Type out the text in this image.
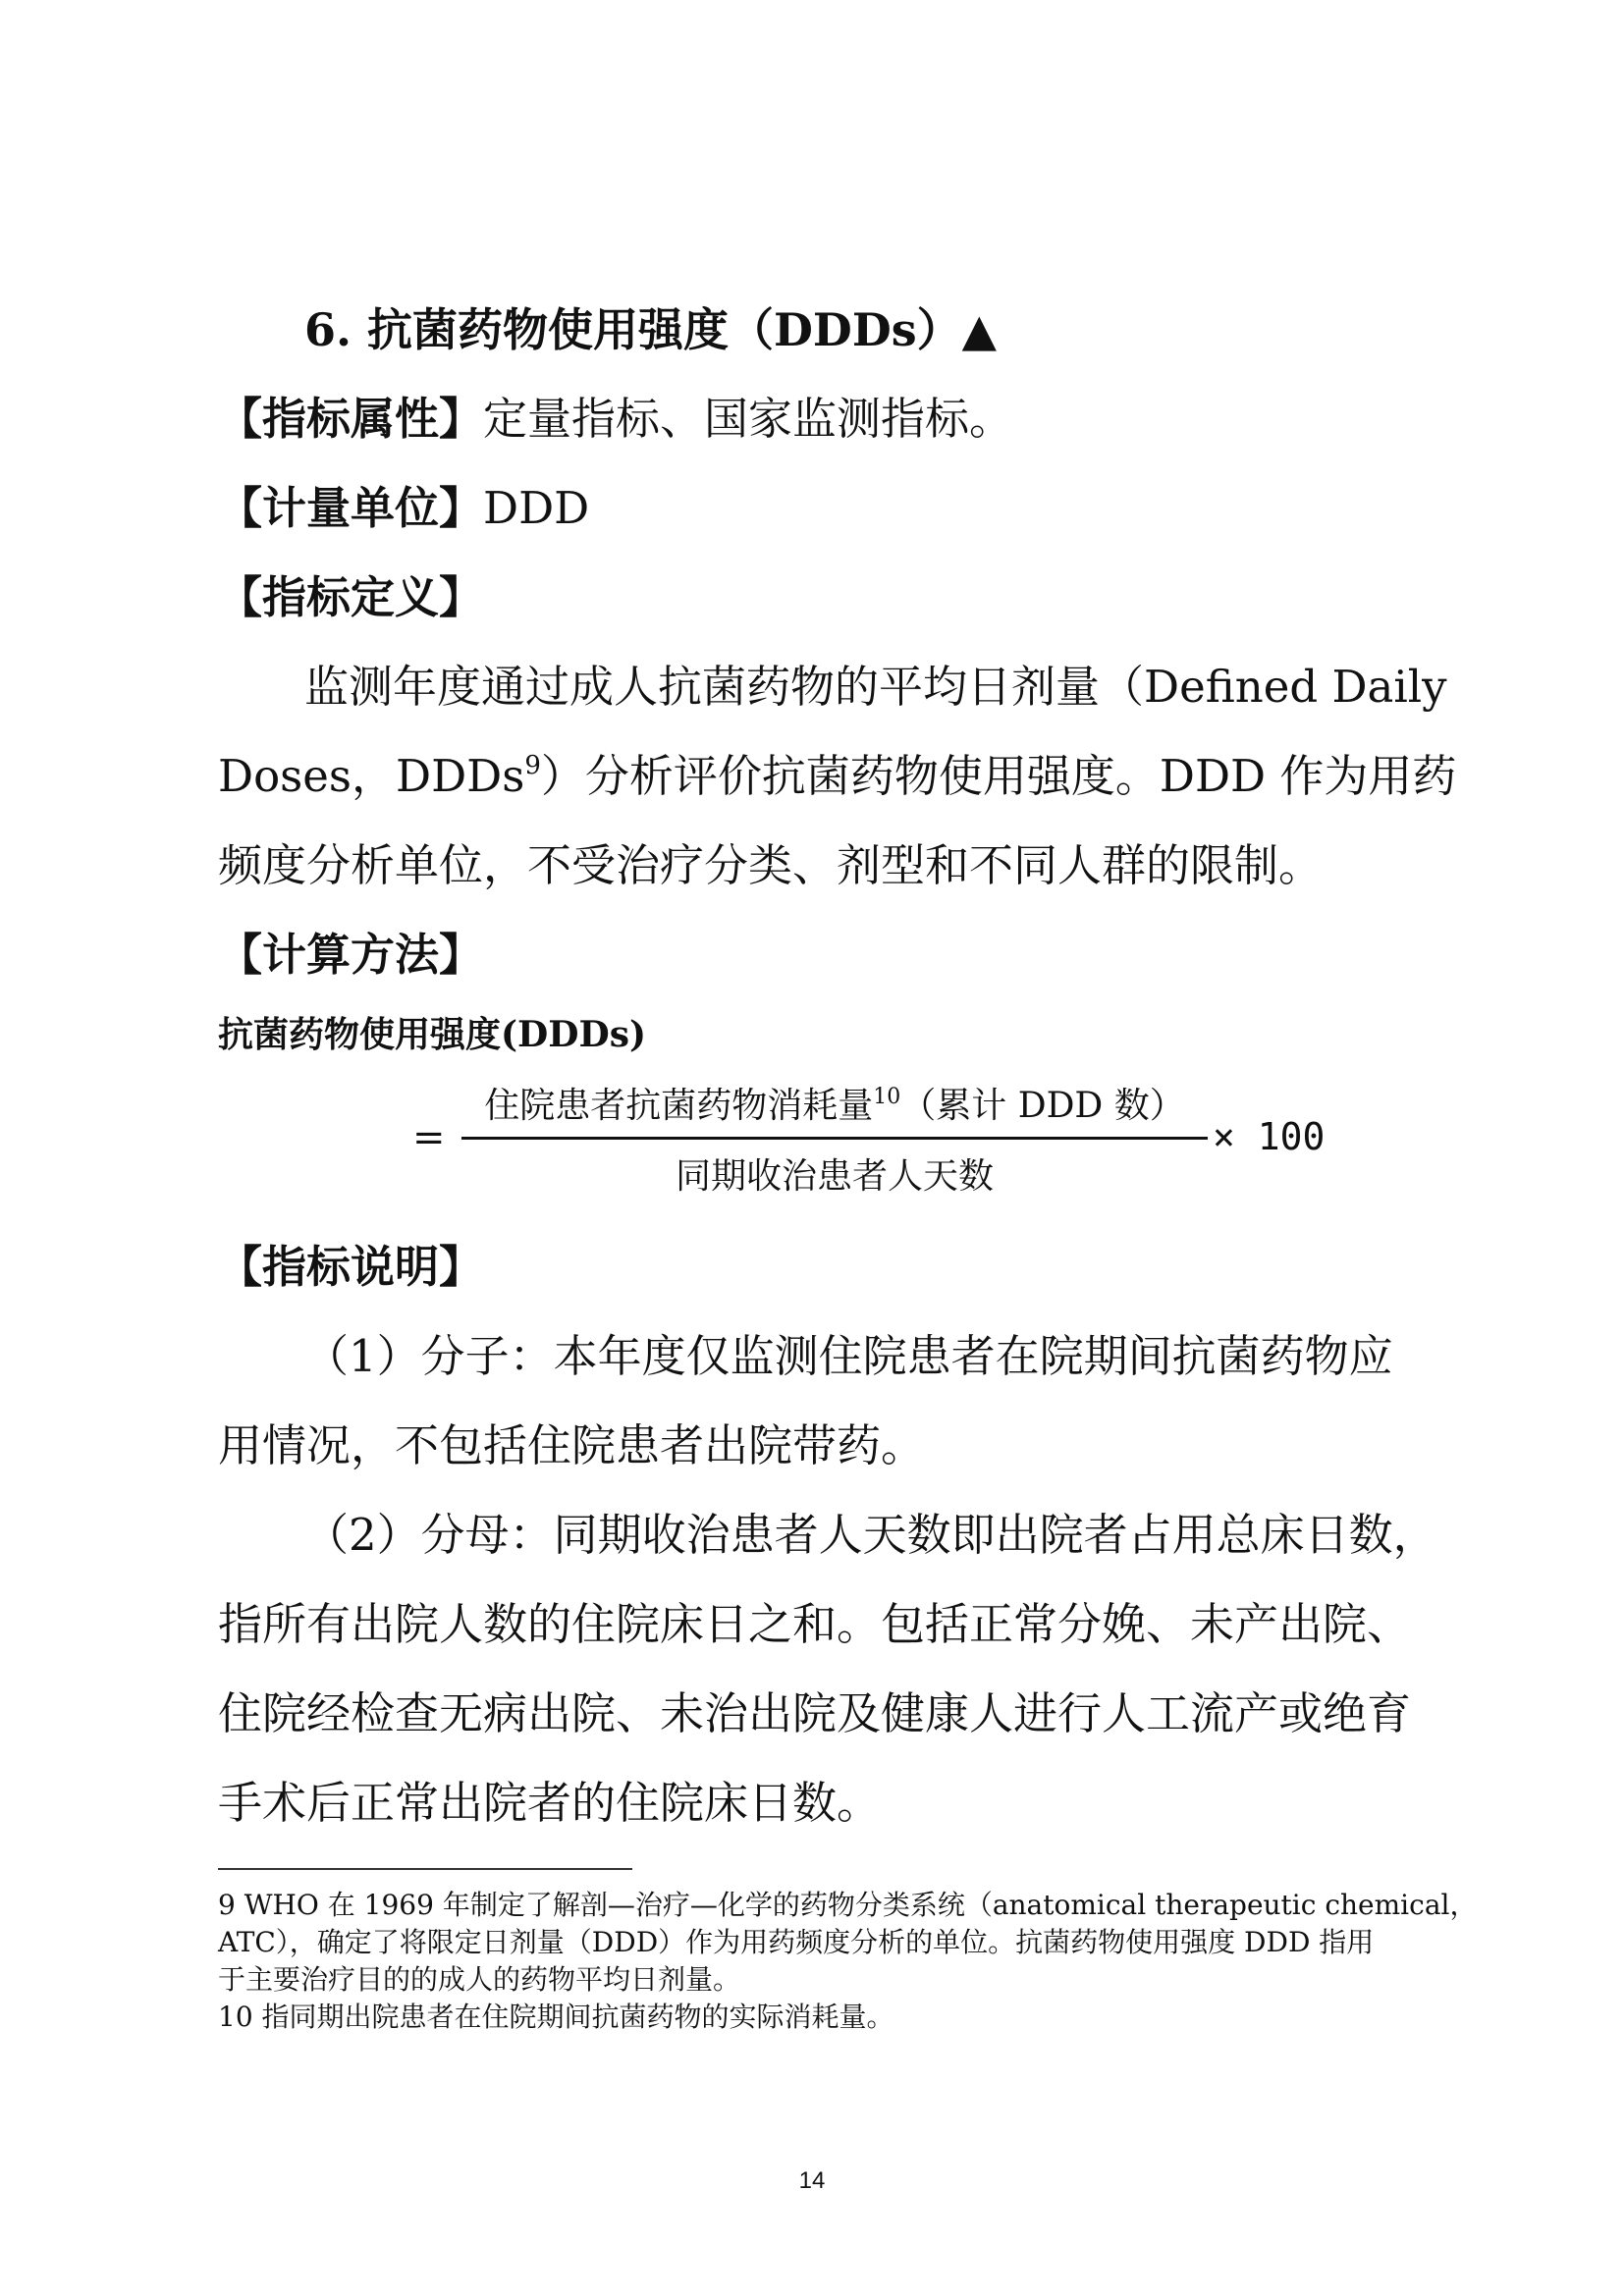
6. 抗菌药物使用强度（DDDs）▲
【指标属性】定量指标、国家监测指标。
【计量单位】DDD
【指标定义】
监测年度通过成人抗菌药物的平均日剂量（Defined Daily
Doses，DDDs$^9$）分析评价抗菌药物使用强度。DDD 作为用药
频度分析单位，不受治疗分类、剂型和不同人群的限制。
【计算方法】
抗菌药物使用强度(DDDs)
=
住院患者抗菌药物消耗量$^{10}$（累计 DDD 数）
同期收治患者人天数
× 100
【指标说明】
（1）分子：本年度仅监测住院患者在院期间抗菌药物应
用情况，不包括住院患者出院带药。
（2）分母：同期收治患者人天数即出院者占用总床日数，
指所有出院人数的住院床日之和。包括正常分娩、未产出院、
住院经检查无病出院、未治出院及健康人进行人工流产或绝育
手术后正常出院者的住院床日数。
9 WHO 在 1969 年制定了解剖—治疗—化学的药物分类系统（anatomical therapeutic chemical，
ATC），确定了将限定日剂量（DDD）作为用药频度分析的单位。抗菌药物使用强度 DDD 指用
于主要治疗目的的成人的药物平均日剂量。
10 指同期出院患者在住院期间抗菌药物的实际消耗量。
14
